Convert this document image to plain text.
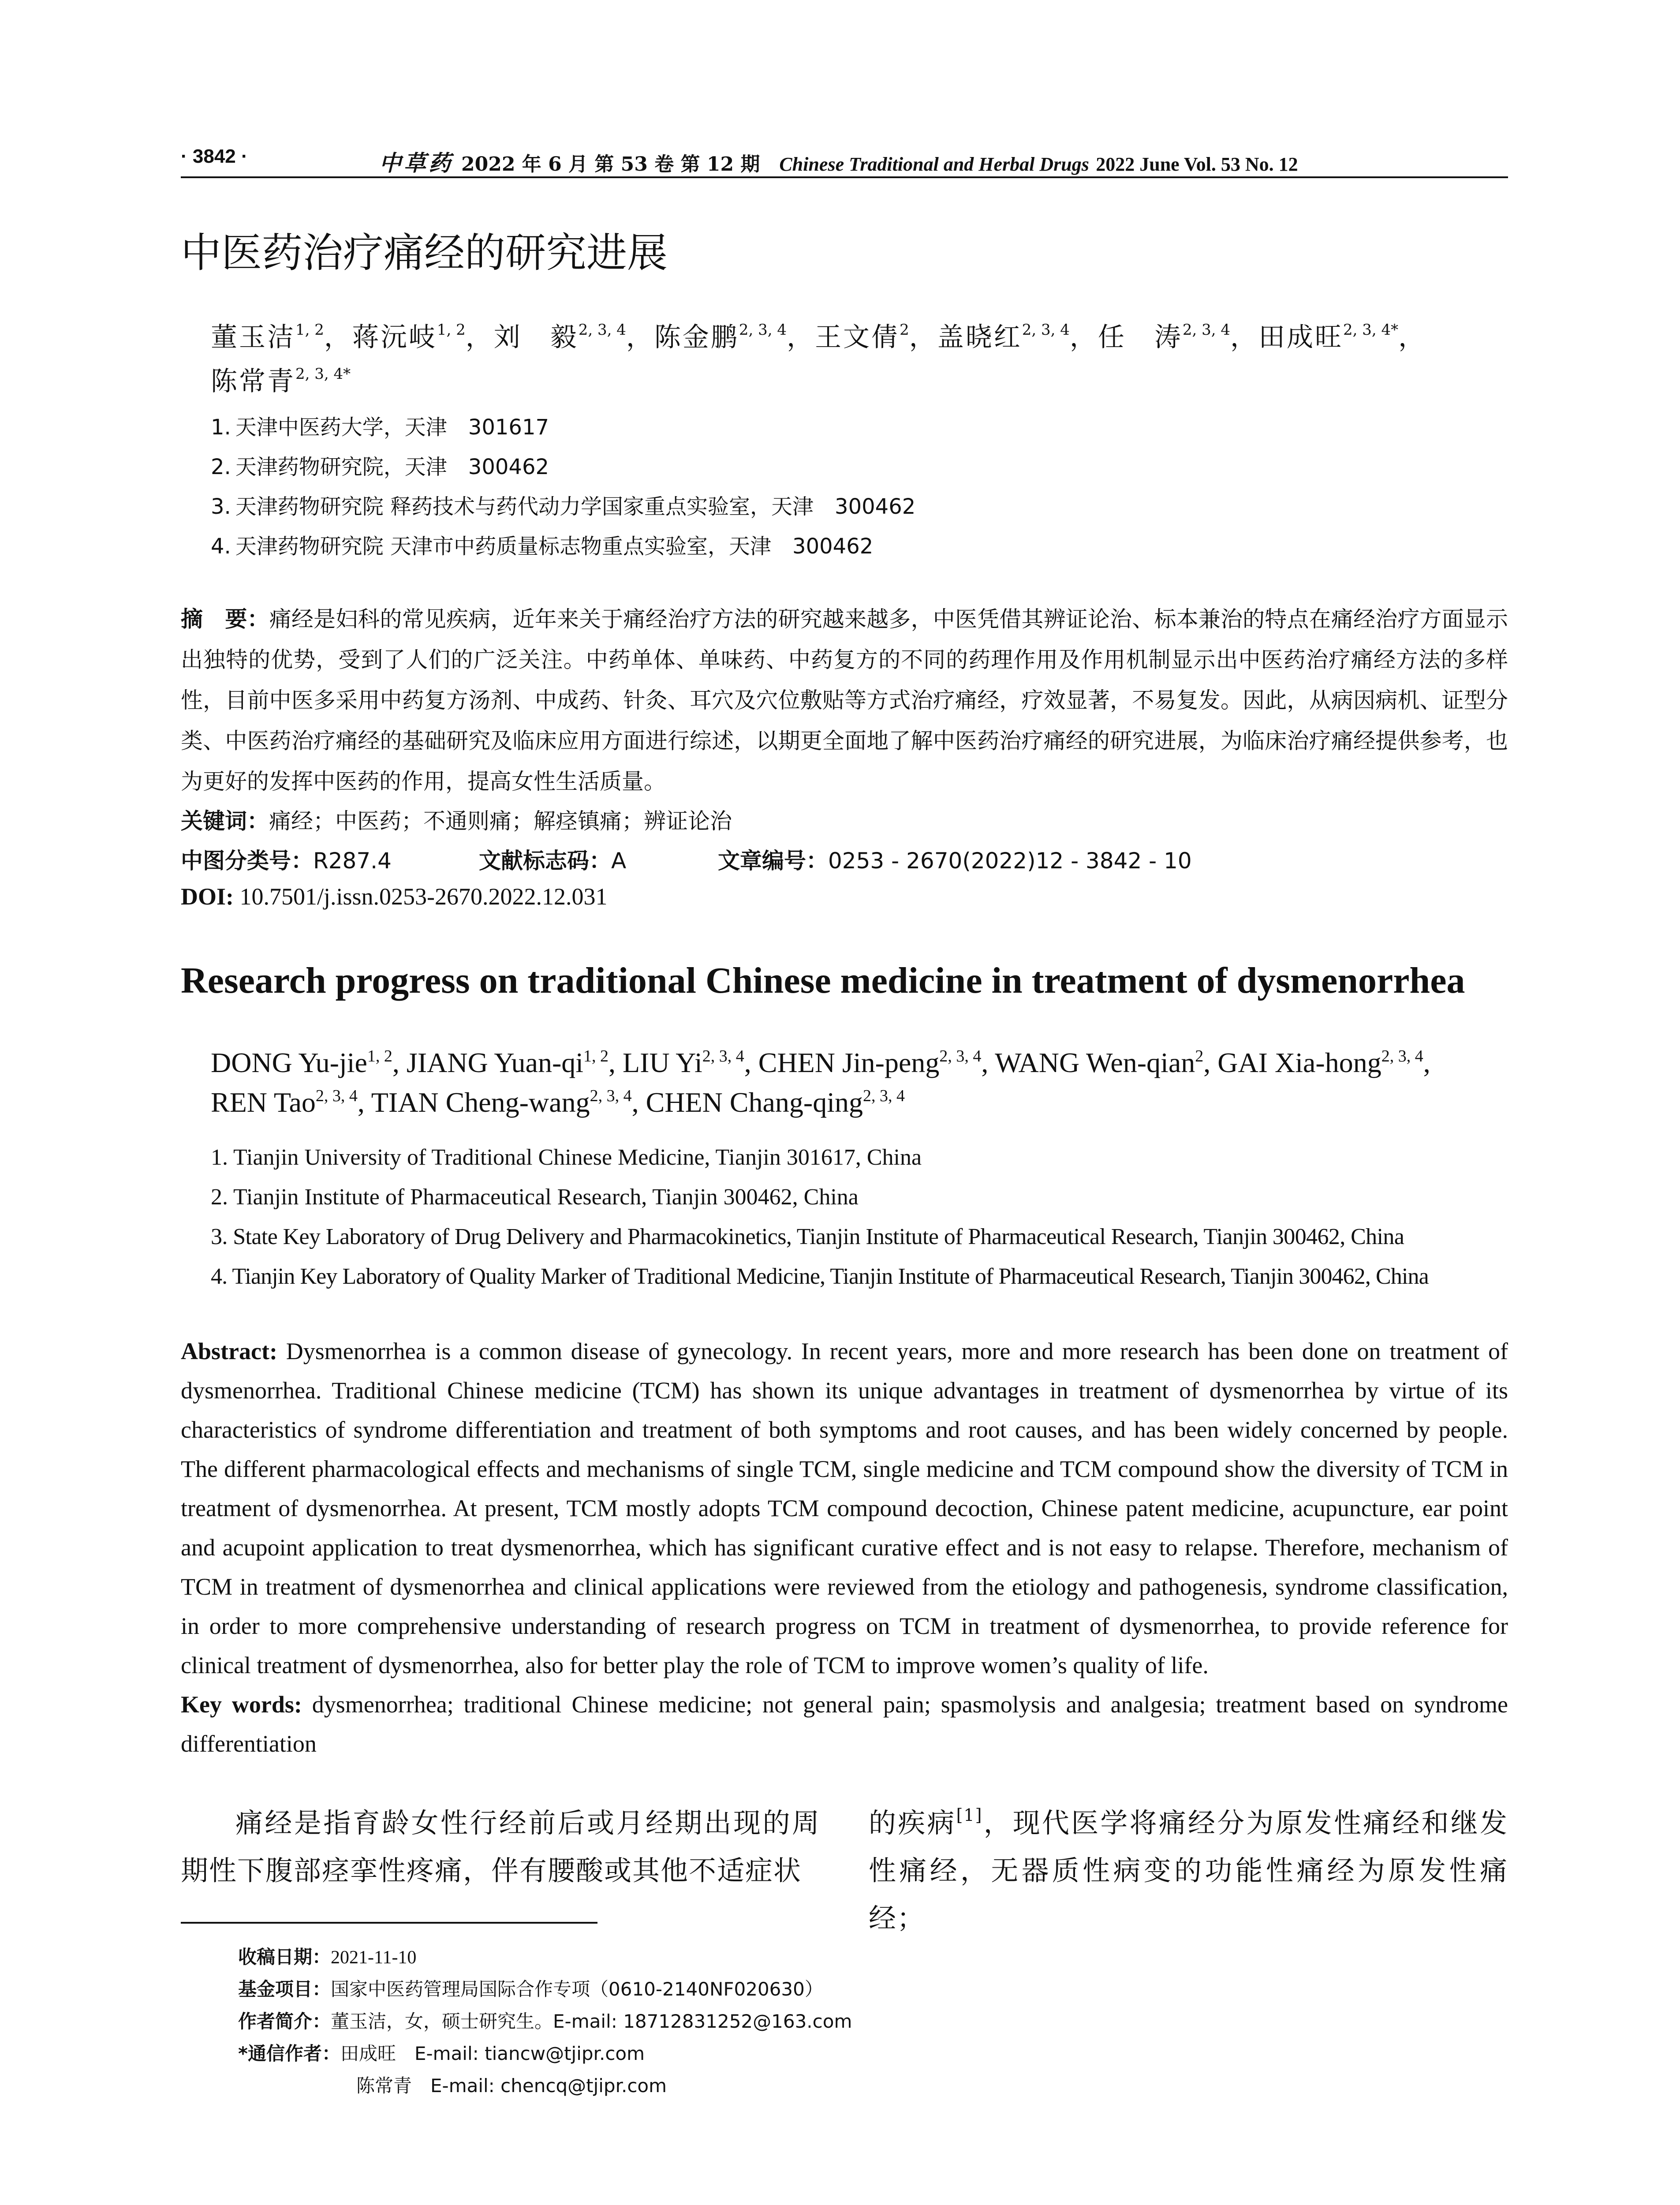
· 3842 ·	中草药 2022 年 6 月 第 53 卷 第 12 期　 Chinese Traditional and Herbal Drugs 2022 June Vol. 53 No. 12
中医药治疗痛经的研究进展
董玉洁$^{1, 2}$，蒋沅岐$^{1, 2}$，刘　毅$^{2, 3, 4}$，陈金鹏$^{2, 3, 4}$，王文倩$^2$，盖晓红$^{2, 3, 4}$，任　涛$^{2, 3, 4}$，田成旺$^{2, 3, 4*}$，
陈常青$^{2, 3, 4*}$
1. 天津中医药大学，天津　301617
2. 天津药物研究院，天津　300462
3. 天津药物研究院 释药技术与药代动力学国家重点实验室，天津　300462
4. 天津药物研究院 天津市中药质量标志物重点实验室，天津　300462
摘　要：痛经是妇科的常见疾病，近年来关于痛经治疗方法的研究越来越多，中医凭借其辨证论治、标本兼治的特点在痛经治疗方面显示出独特的优势，受到了人们的广泛关注。中药单体、单味药、中药复方的不同的药理作用及作用机制显示出中医药治疗痛经方法的多样性，目前中医多采用中药复方汤剂、中成药、针灸、耳穴及穴位敷贴等方式治疗痛经，疗效显著，不易复发。因此，从病因病机、证型分类、中医药治疗痛经的基础研究及临床应用方面进行综述，以期更全面地了解中医药治疗痛经的研究进展，为临床治疗痛经提供参考，也为更好的发挥中医药的作用，提高女性生活质量。
关键词：痛经；中医药；不通则痛；解痉镇痛；辨证论治
中图分类号：R287.4	文献标志码：A	文章编号：0253 - 2670(2022)12 - 3842 - 10
DOI: 10.7501/j.issn.0253-2670.2022.12.031
Research progress on traditional Chinese medicine in treatment of dysmenorrhea
DONG Yu-jie$^{1, 2}$, JIANG Yuan-qi$^{1, 2}$, LIU Yi$^{2, 3, 4}$, CHEN Jin-peng$^{2, 3, 4}$, WANG Wen-qian$^2$, GAI Xia-hong$^{2, 3, 4}$,
REN Tao$^{2, 3, 4}$, TIAN Cheng-wang$^{2, 3, 4}$, CHEN Chang-qing$^{2, 3, 4}$
1. Tianjin University of Traditional Chinese Medicine, Tianjin 301617, China
2. Tianjin Institute of Pharmaceutical Research, Tianjin 300462, China
3. State Key Laboratory of Drug Delivery and Pharmacokinetics, Tianjin Institute of Pharmaceutical Research, Tianjin 300462, China
4. Tianjin Key Laboratory of Quality Marker of Traditional Medicine, Tianjin Institute of Pharmaceutical Research, Tianjin 300462, China
Abstract: Dysmenorrhea is a common disease of gynecology. In recent years, more and more research has been done on treatment of dysmenorrhea. Traditional Chinese medicine (TCM) has shown its unique advantages in treatment of dysmenorrhea by virtue of its characteristics of syndrome differentiation and treatment of both symptoms and root causes, and has been widely concerned by people. The different pharmacological effects and mechanisms of single TCM, single medicine and TCM compound show the diversity of TCM in treatment of dysmenorrhea. At present, TCM mostly adopts TCM compound decoction, Chinese patent medicine, acupuncture, ear point and acupoint application to treat dysmenorrhea, which has significant curative effect and is not easy to relapse. Therefore, mechanism of TCM in treatment of dysmenorrhea and clinical applications were reviewed from the etiology and pathogenesis, syndrome classification, in order to more comprehensive understanding of research progress on TCM in treatment of dysmenorrhea, to provide reference for clinical treatment of dysmenorrhea, also for better play the role of TCM to improve women’s quality of life.
Key words: dysmenorrhea; traditional Chinese medicine; not general pain; spasmolysis and analgesia; treatment based on syndrome differentiation
痛经是指育龄女性行经前后或月经期出现的周期性下腹部痉挛性疼痛，伴有腰酸或其他不适症状
的疾病[1]，现代医学将痛经分为原发性痛经和继发性痛经，无器质性病变的功能性痛经为原发性痛经；
收稿日期：2021-11-10
基金项目：国家中医药管理局国际合作专项（0610-2140NF020630）
作者简介：董玉洁，女，硕士研究生。E-mail: 18712831252@163.com
*通信作者：田成旺　E-mail: tiancw@tjipr.com
陈常青　E-mail: chencq@tjipr.com
